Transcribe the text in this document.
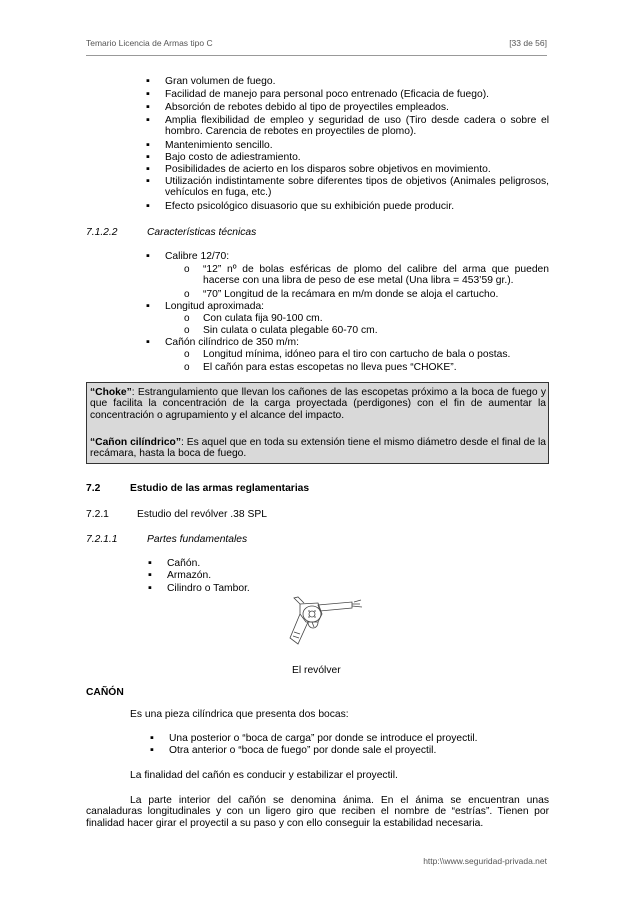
Temario Licencia de Armas tipo C	[33 de 56]
▪ Gran volumen de fuego.
▪ Facilidad de manejo para personal poco entrenado (Eficacia de fuego).
▪ Absorción de rebotes debido al tipo de proyectiles empleados.
▪ Amplia flexibilidad de empleo y seguridad de uso (Tiro desde cadera o sobre el hombro. Carencia de rebotes en proyectiles de plomo).
▪ Mantenimiento sencillo.
▪ Bajo costo de adiestramiento.
▪ Posibilidades de acierto en los disparos sobre objetivos en movimiento.
▪ Utilización indistintamente sobre diferentes tipos de objetivos (Animales peligrosos, vehículos en fuga, etc.)
▪ Efecto psicológico disuasorio que su exhibición puede producir.
7.1.2.2	Características técnicas
▪ Calibre 12/70:
o “12” nº de bolas esféricas de plomo del calibre del arma que pueden hacerse con una libra de peso de ese metal (Una libra = 453’59 gr.).
o “70” Longitud de la recámara en m/m donde se aloja el cartucho.
▪ Longitud aproximada:
o Con culata fija 90-100 cm.
o Sin culata o culata plegable 60-70 cm.
▪ Cañón cilíndrico de 350 m/m:
o Longitud mínima, idóneo para el tiro con cartucho de bala o postas.
o El cañón para estas escopetas no lleva pues “CHOKE”.
“Choke”: Estrangulamiento que llevan los cañones de las escopetas próximo a la boca de fuego y que facilita la concentración de la carga proyectada (perdigones) con el fin de aumentar la concentración o agrupamiento y el alcance del impacto.
“Cañon cilíndrico”: Es aquel que en toda su extensión tiene el mismo diámetro desde el final de la recámara, hasta la boca de fuego.
7.2	Estudio de las armas reglamentarias
7.2.1	Estudio del revólver .38 SPL
7.2.1.1	Partes fundamentales
▪ Cañón.
▪ Armazón.
▪ Cilindro o Tambor.
El revólver
CAÑÓN
Es una pieza cilíndrica que presenta dos bocas:
▪ Una posterior o “boca de carga” por donde se introduce el proyectil.
▪ Otra anterior o “boca de fuego” por donde sale el proyectil.
La finalidad del cañón es conducir y estabilizar el proyectil.
La parte interior del cañón se denomina ánima. En el ánima se encuentran unas canaladuras longitudinales y con un ligero giro que reciben el nombre de “estrías”. Tienen por finalidad hacer girar el proyectil a su paso y con ello conseguir la estabilidad necesaria.
http:\\www.seguridad-privada.net
